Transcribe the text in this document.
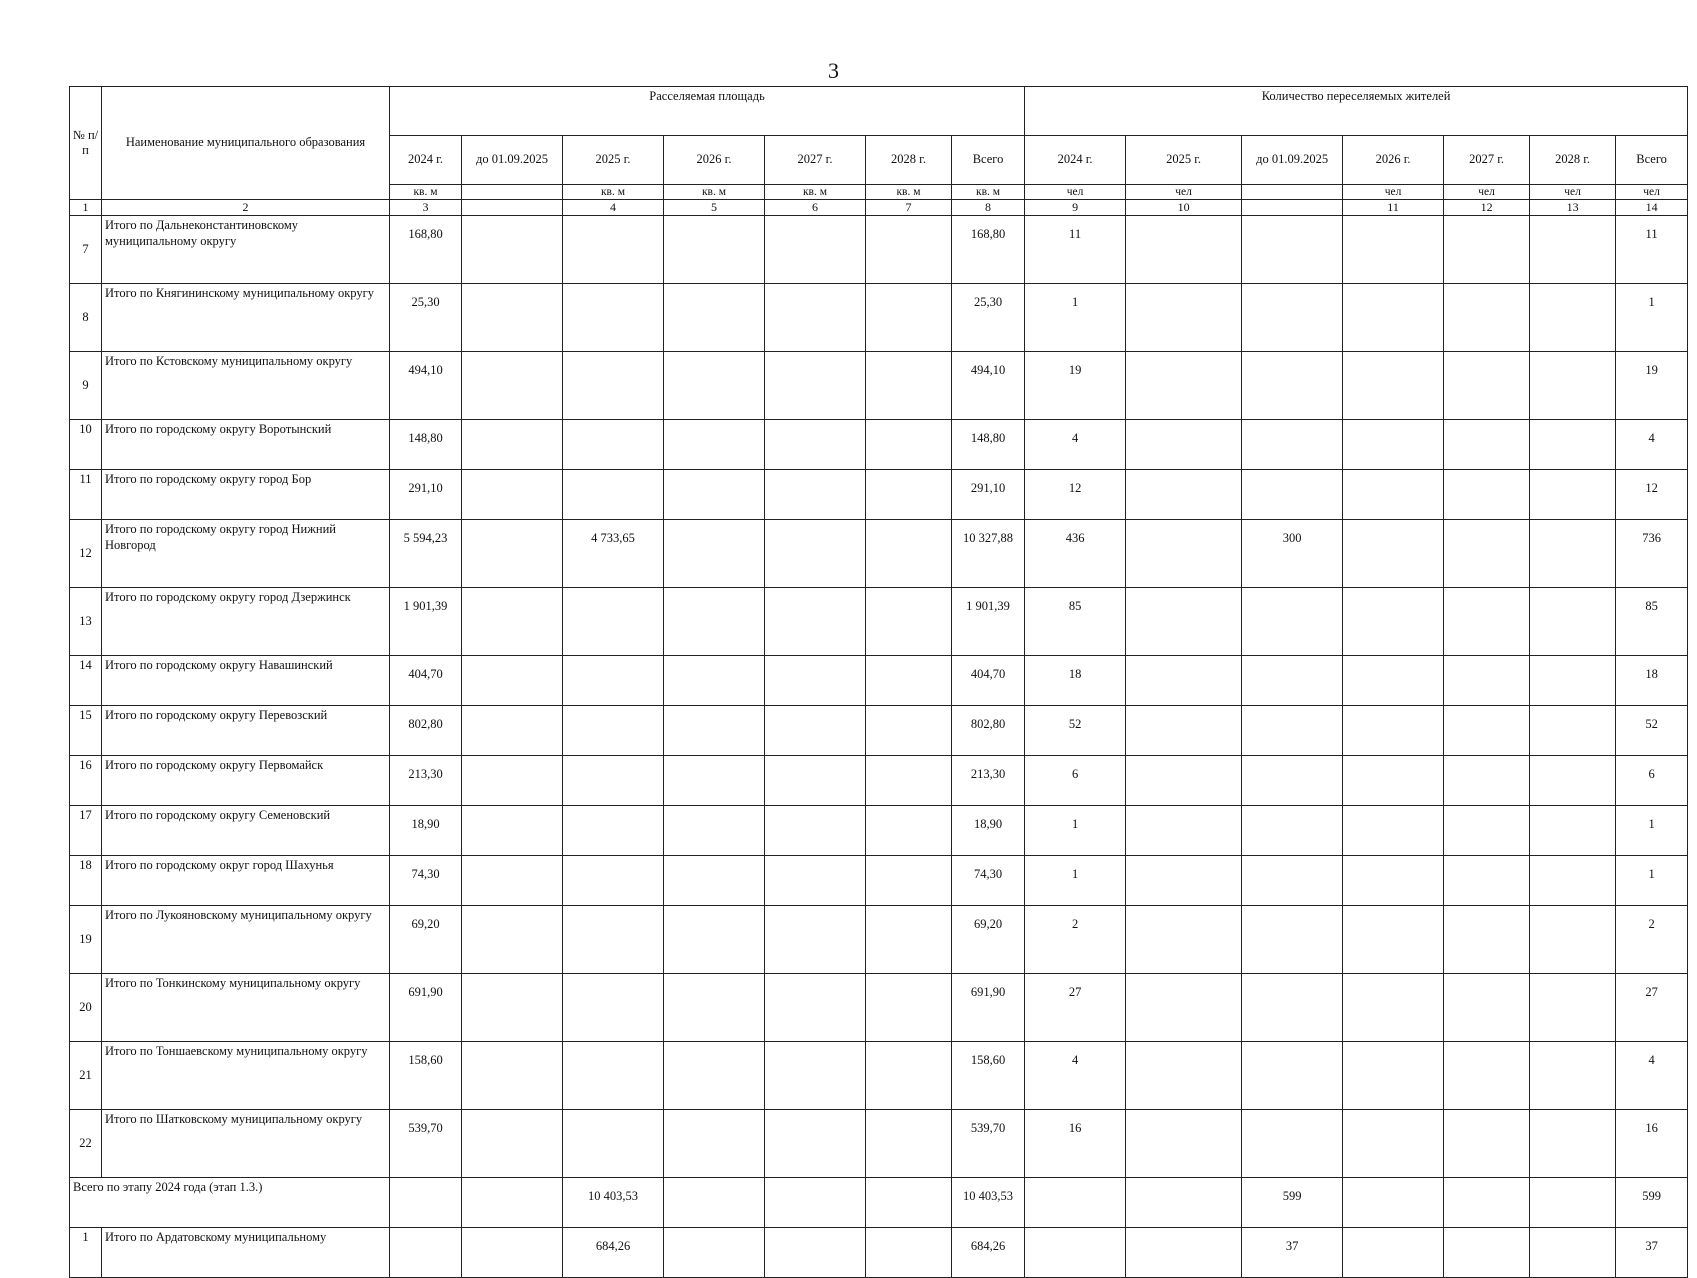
3
№ п/п	Наименование муниципального образования	Расселяемая площадь							Количество переселяемых жителей						
		2024 г.	до 01.09.2025	2025 г.	2026 г.	2027 г.	2028 г.	Всего	2024 г.	2025 г.	до 01.09.2025	2026 г.	2027 г.	2028 г.	Всего
		кв. м		кв. м	кв. м	кв. м	кв. м	кв. м	чел	чел		чел	чел	чел	чел
1	2	3		4	5	6	7	8	9	10		11	12	13	14
7	Итого по Дальнеконстантиновскому муниципальному округу	168,80						168,80	11						11
8	Итого по Княгининскому муниципальному округу	25,30						25,30	1						1
9	Итого по Кстовскому муниципальному округу	494,10						494,10	19						19
10	Итого по городскому округу Воротынский	148,80						148,80	4						4
11	Итого по городскому округу город Бор	291,10						291,10	12						12
12	Итого по городскому округу город Нижний Новгород	5 594,23		4 733,65				10 327,88	436		300				736
13	Итого по городскому округу город Дзержинск	1 901,39						1 901,39	85						85
14	Итого по городскому округу Навашинский	404,70						404,70	18						18
15	Итого по городскому округу Перевозский	802,80						802,80	52						52
16	Итого по городскому округу Первомайск	213,30						213,30	6						6
17	Итого по городскому округу Семеновский	18,90						18,90	1						1
18	Итого по городскому округ город Шахунья	74,30						74,30	1						1
19	Итого по Лукояновскому муниципальному округу	69,20						69,20	2						2
20	Итого по Тонкинскому муниципальному округу	691,90						691,90	27						27
21	Итого по Тоншаевскому муниципальному округу	158,60						158,60	4						4
22	Итого по Шатковскому муниципальному округу	539,70						539,70	16						16
Всего по этапу 2024 года (этап 1.3.)				10 403,53				10 403,53			599				599
1	Итого по Ардатовскому муниципальному			684,26				684,26			37				37
